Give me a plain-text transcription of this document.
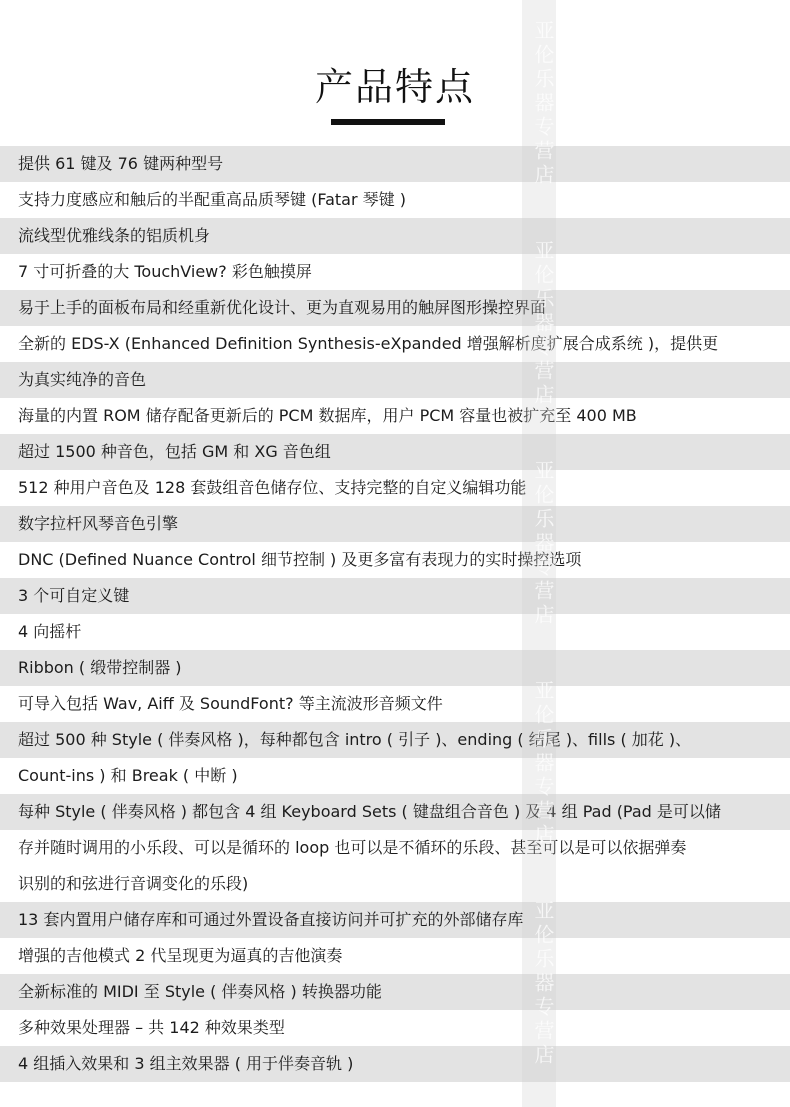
产品特点
提供 61 键及 76 键两种型号
支持力度感应和触后的半配重高品质琴键 (Fatar 琴键 )
流线型优雅线条的铝质机身
7 寸可折叠的大 TouchView? 彩色触摸屏
易于上手的面板布局和经重新优化设计、更为直观易用的触屏图形操控界面
全新的 EDS-X (Enhanced Definition Synthesis-eXpanded 增强解析度扩展合成系统 )，提供更
为真实纯净的音色
海量的内置 ROM 储存配备更新后的 PCM 数据库，用户 PCM 容量也被扩充至 400 MB
超过 1500 种音色，包括 GM 和 XG 音色组
512 种用户音色及 128 套鼓组音色储存位、支持完整的自定义编辑功能
数字拉杆风琴音色引擎
DNC (Defined Nuance Control 细节控制 ) 及更多富有表现力的实时操控选项
3 个可自定义键
4 向摇杆
Ribbon ( 缎带控制器 )
可导入包括 Wav, Aiff 及 SoundFont? 等主流波形音频文件
超过 500 种 Style ( 伴奏风格 )，每种都包含 intro ( 引子 )、ending ( 结尾 )、fills ( 加花 )、
Count-ins ) 和 Break ( 中断 )
每种 Style ( 伴奏风格 ) 都包含 4 组 Keyboard Sets ( 键盘组合音色 ) 及 4 组 Pad (Pad 是可以储
存并随时调用的小乐段、可以是循环的 loop 也可以是不循环的乐段、甚至可以是可以依据弹奏
识别的和弦进行音调变化的乐段)
13 套内置用户储存库和可通过外置设备直接访问并可扩充的外部储存库
增强的吉他模式 2 代呈现更为逼真的吉他演奏
全新标准的 MIDI 至 Style ( 伴奏风格 ) 转换器功能
多种效果处理器 – 共 142 种效果类型
4 组插入效果和 3 组主效果器 ( 用于伴奏音轨 )
亚伦乐器专营店
亚伦乐器专营店
亚伦乐器专营店
亚伦乐器专营店
亚伦乐器专营店
